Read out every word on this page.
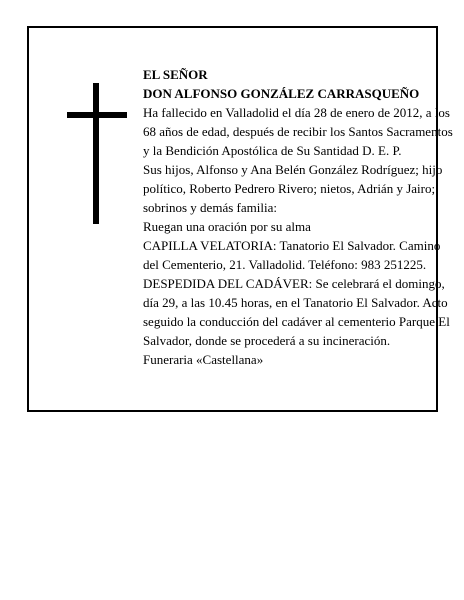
EL SEÑOR

DON ALFONSO GONZÁLEZ CARRASQUEÑO

Ha fallecido en Valladolid el día 28 de enero de 2012, a los 68 años de edad, después de recibir los Santos Sacramentos y la Bendición Apostólica de Su Santidad D. E. P.

Sus hijos, Alfonso y Ana Belén González Rodríguez; hijo político, Roberto Pedrero Rivero; nietos, Adrián y Jairo; sobrinos y demás familia:

Ruegan una oración por su alma

CAPILLA VELATORIA: Tanatorio El Salvador. Camino del Cementerio, 21. Valladolid. Teléfono: 983 251225.

DESPEDIDA DEL CADÁVER: Se celebrará el domingo, día 29, a las 10.45 horas, en el Tanatorio El Salvador. Acto seguido la conducción del cadáver al cementerio Parque El Salvador, donde se procederá a su incineración.

Funeraria «Castellana»
